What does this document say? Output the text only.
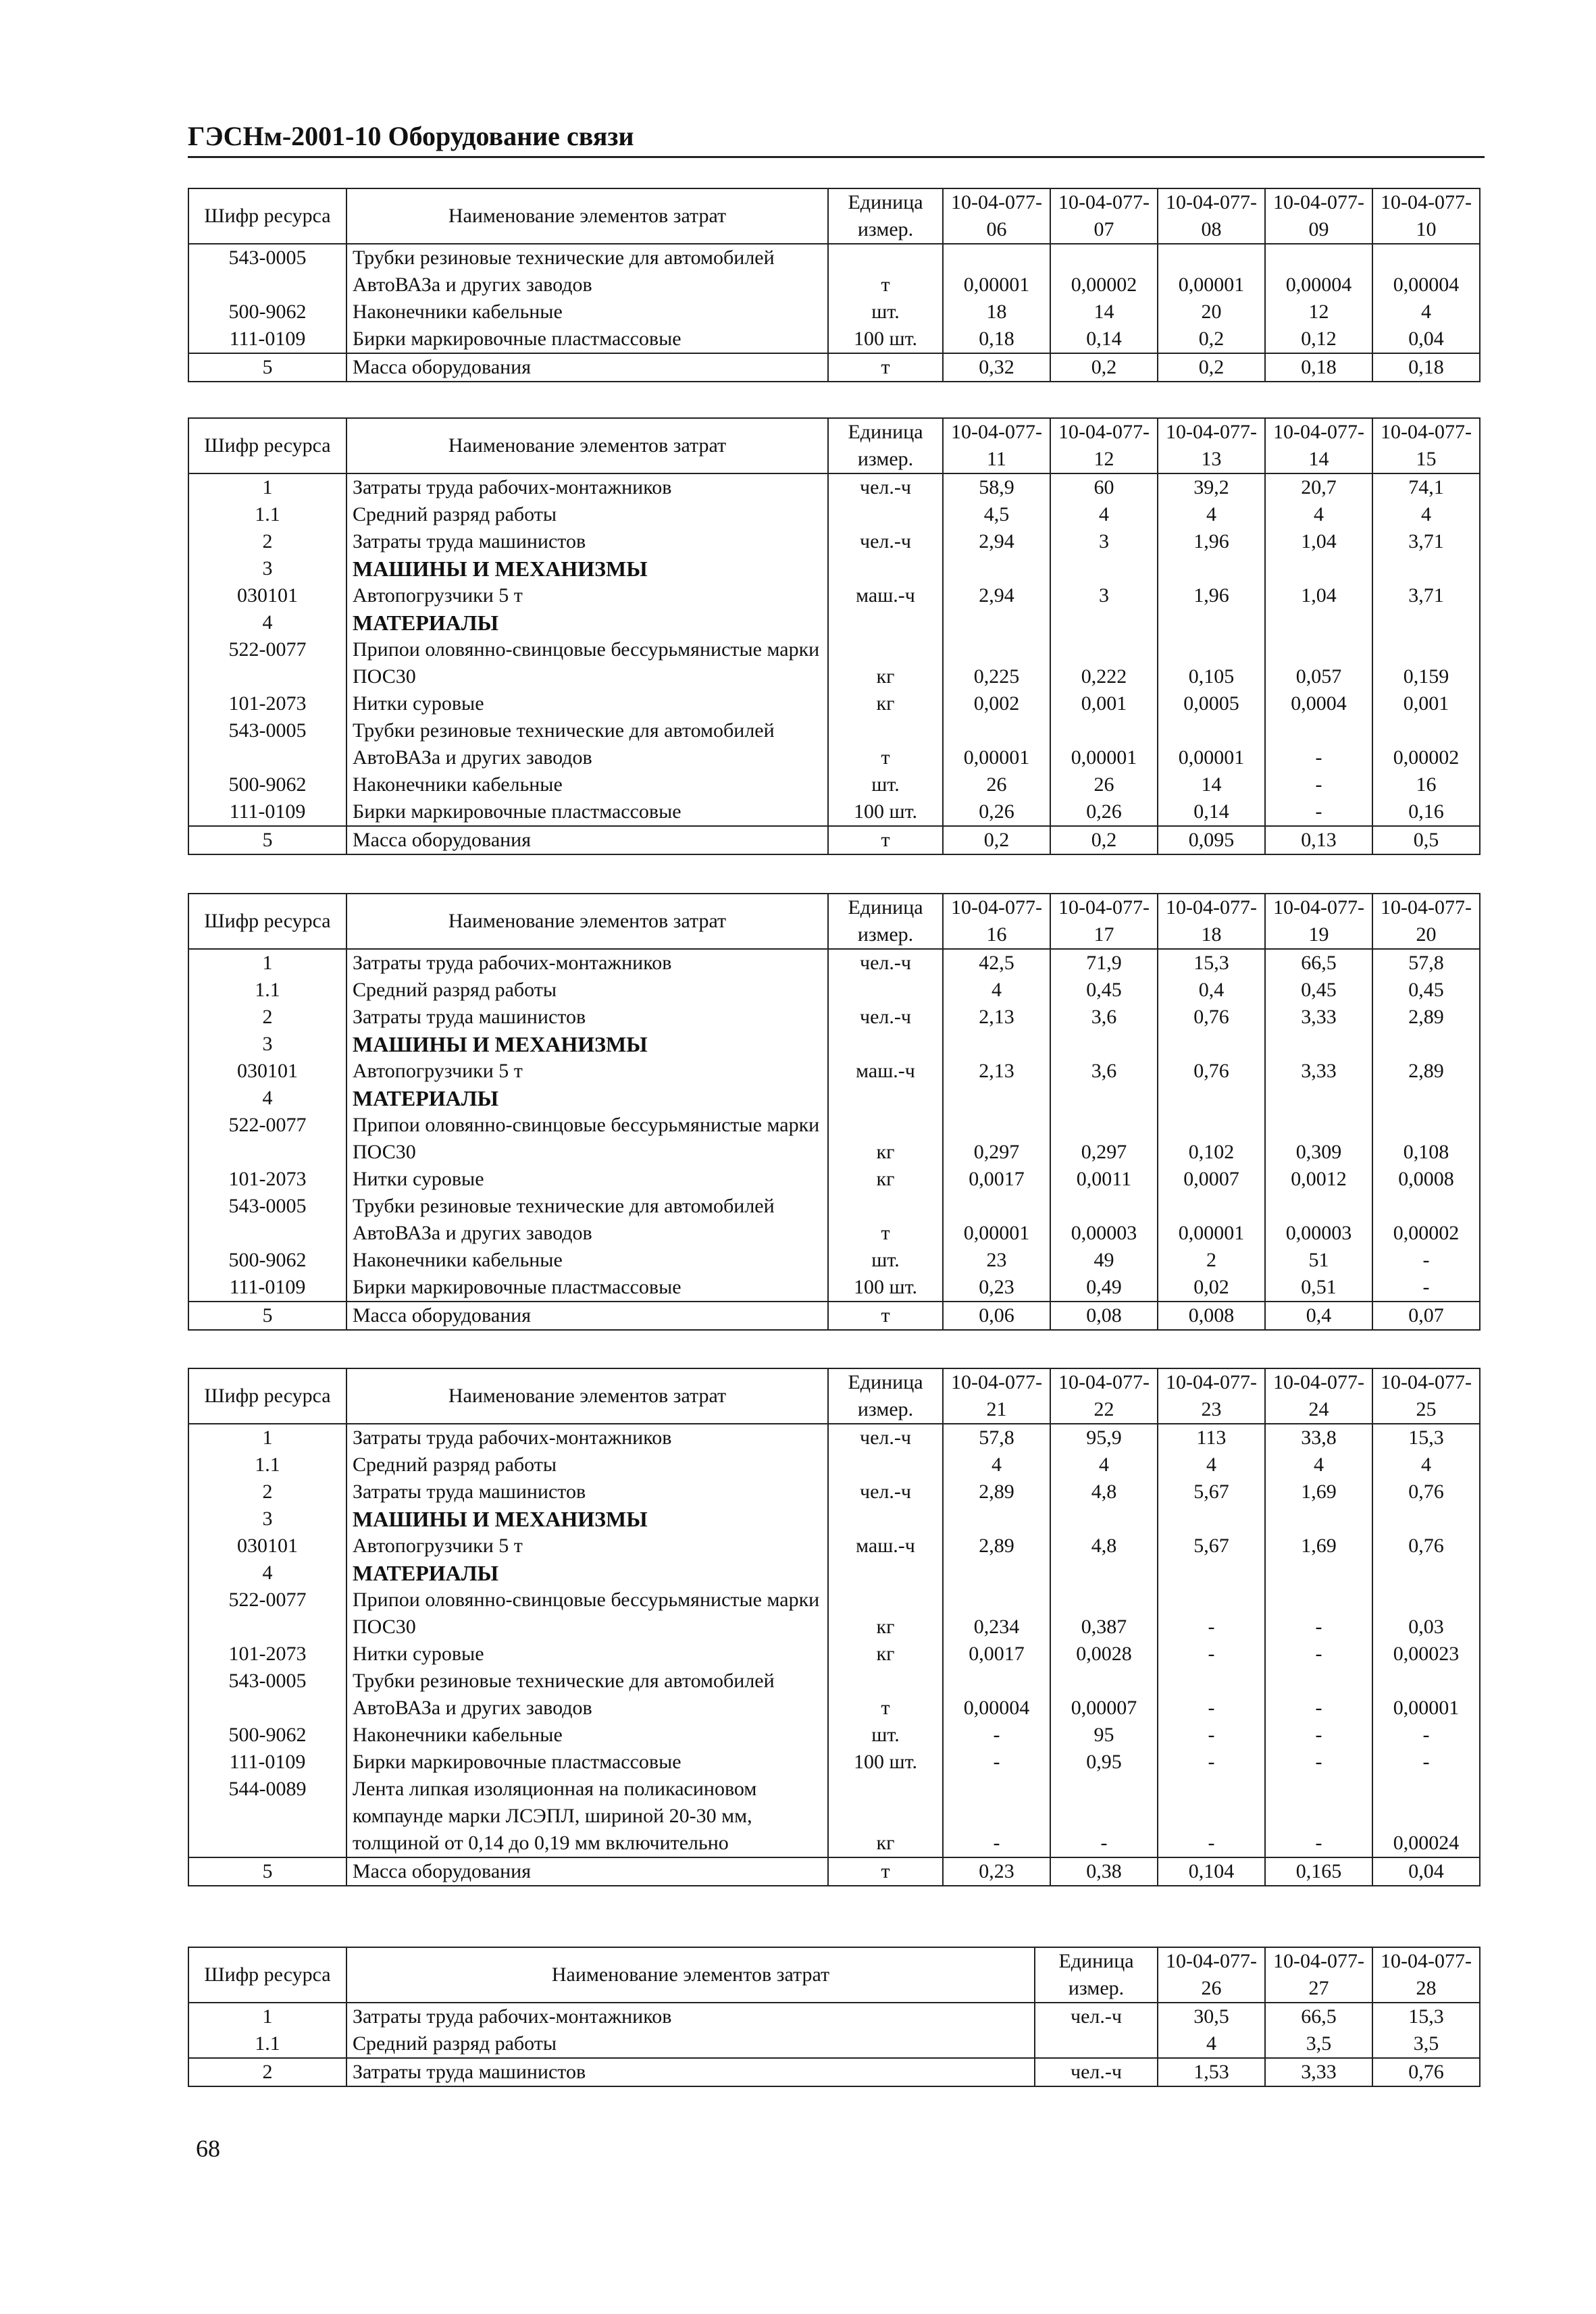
ГЭСНм-2001-10 Оборудование связи
Шифр ресурса	Наименование элементов затрат	Единица измер.	10-04-077-06	10-04-077-07	10-04-077-08	10-04-077-09	10-04-077-10
543-0005	Трубки резиновые технические для автомобилей АвтоВАЗа и других заводов	т	0,00001	0,00002	0,00001	0,00004	0,00004
500-9062	Наконечники кабельные	шт.	18	14	20	12	4
111-0109	Бирки маркировочные пластмассовые	100 шт.	0,18	0,14	0,2	0,12	0,04
5	Масса оборудования	т	0,32	0,2	0,2	0,18	0,18
Шифр ресурса	Наименование элементов затрат	Единица измер.	10-04-077-11	10-04-077-12	10-04-077-13	10-04-077-14	10-04-077-15
1	Затраты труда рабочих-монтажников	чел.-ч	58,9	60	39,2	20,7	74,1
1.1	Средний разряд работы		4,5	4	4	4	4
2	Затраты труда машинистов	чел.-ч	2,94	3	1,96	1,04	3,71
3	МАШИНЫ И МЕХАНИЗМЫ						
030101	Автопогрузчики 5 т	маш.-ч	2,94	3	1,96	1,04	3,71
4	МАТЕРИАЛЫ						
522-0077	Припои оловянно-свинцовые бессурьмянистые марки ПОС30	кг	0,225	0,222	0,105	0,057	0,159
101-2073	Нитки суровые	кг	0,002	0,001	0,0005	0,0004	0,001
543-0005	Трубки резиновые технические для автомобилей АвтоВАЗа и других заводов	т	0,00001	0,00001	0,00001	-	0,00002
500-9062	Наконечники кабельные	шт.	26	26	14	-	16
111-0109	Бирки маркировочные пластмассовые	100 шт.	0,26	0,26	0,14	-	0,16
5	Масса оборудования	т	0,2	0,2	0,095	0,13	0,5
Шифр ресурса	Наименование элементов затрат	Единица измер.	10-04-077-16	10-04-077-17	10-04-077-18	10-04-077-19	10-04-077-20
1	Затраты труда рабочих-монтажников	чел.-ч	42,5	71,9	15,3	66,5	57,8
1.1	Средний разряд работы		4	0,45	0,4	0,45	0,45
2	Затраты труда машинистов	чел.-ч	2,13	3,6	0,76	3,33	2,89
3	МАШИНЫ И МЕХАНИЗМЫ						
030101	Автопогрузчики 5 т	маш.-ч	2,13	3,6	0,76	3,33	2,89
4	МАТЕРИАЛЫ						
522-0077	Припои оловянно-свинцовые бессурьмянистые марки ПОС30	кг	0,297	0,297	0,102	0,309	0,108
101-2073	Нитки суровые	кг	0,0017	0,0011	0,0007	0,0012	0,0008
543-0005	Трубки резиновые технические для автомобилей АвтоВАЗа и других заводов	т	0,00001	0,00003	0,00001	0,00003	0,00002
500-9062	Наконечники кабельные	шт.	23	49	2	51	-
111-0109	Бирки маркировочные пластмассовые	100 шт.	0,23	0,49	0,02	0,51	-
5	Масса оборудования	т	0,06	0,08	0,008	0,4	0,07
Шифр ресурса	Наименование элементов затрат	Единица измер.	10-04-077-21	10-04-077-22	10-04-077-23	10-04-077-24	10-04-077-25
1	Затраты труда рабочих-монтажников	чел.-ч	57,8	95,9	113	33,8	15,3
1.1	Средний разряд работы		4	4	4	4	4
2	Затраты труда машинистов	чел.-ч	2,89	4,8	5,67	1,69	0,76
3	МАШИНЫ И МЕХАНИЗМЫ						
030101	Автопогрузчики 5 т	маш.-ч	2,89	4,8	5,67	1,69	0,76
4	МАТЕРИАЛЫ						
522-0077	Припои оловянно-свинцовые бессурьмянистые марки ПОС30	кг	0,234	0,387	-	-	0,03
101-2073	Нитки суровые	кг	0,0017	0,0028	-	-	0,00023
543-0005	Трубки резиновые технические для автомобилей АвтоВАЗа и других заводов	т	0,00004	0,00007	-	-	0,00001
500-9062	Наконечники кабельные	шт.	-	95	-	-	-
111-0109	Бирки маркировочные пластмассовые	100 шт.	-	0,95	-	-	-
544-0089	Лента липкая изоляционная на поликасиновом компаунде марки ЛСЭПЛ, шириной 20-30 мм, толщиной от 0,14 до 0,19 мм включительно	кг	-	-	-	-	0,00024
5	Масса оборудования	т	0,23	0,38	0,104	0,165	0,04
Шифр ресурса	Наименование элементов затрат	Единица измер.	10-04-077-26	10-04-077-27	10-04-077-28
1	Затраты труда рабочих-монтажников	чел.-ч	30,5	66,5	15,3
1.1	Средний разряд работы		4	3,5	3,5
2	Затраты труда машинистов	чел.-ч	1,53	3,33	0,76
68
